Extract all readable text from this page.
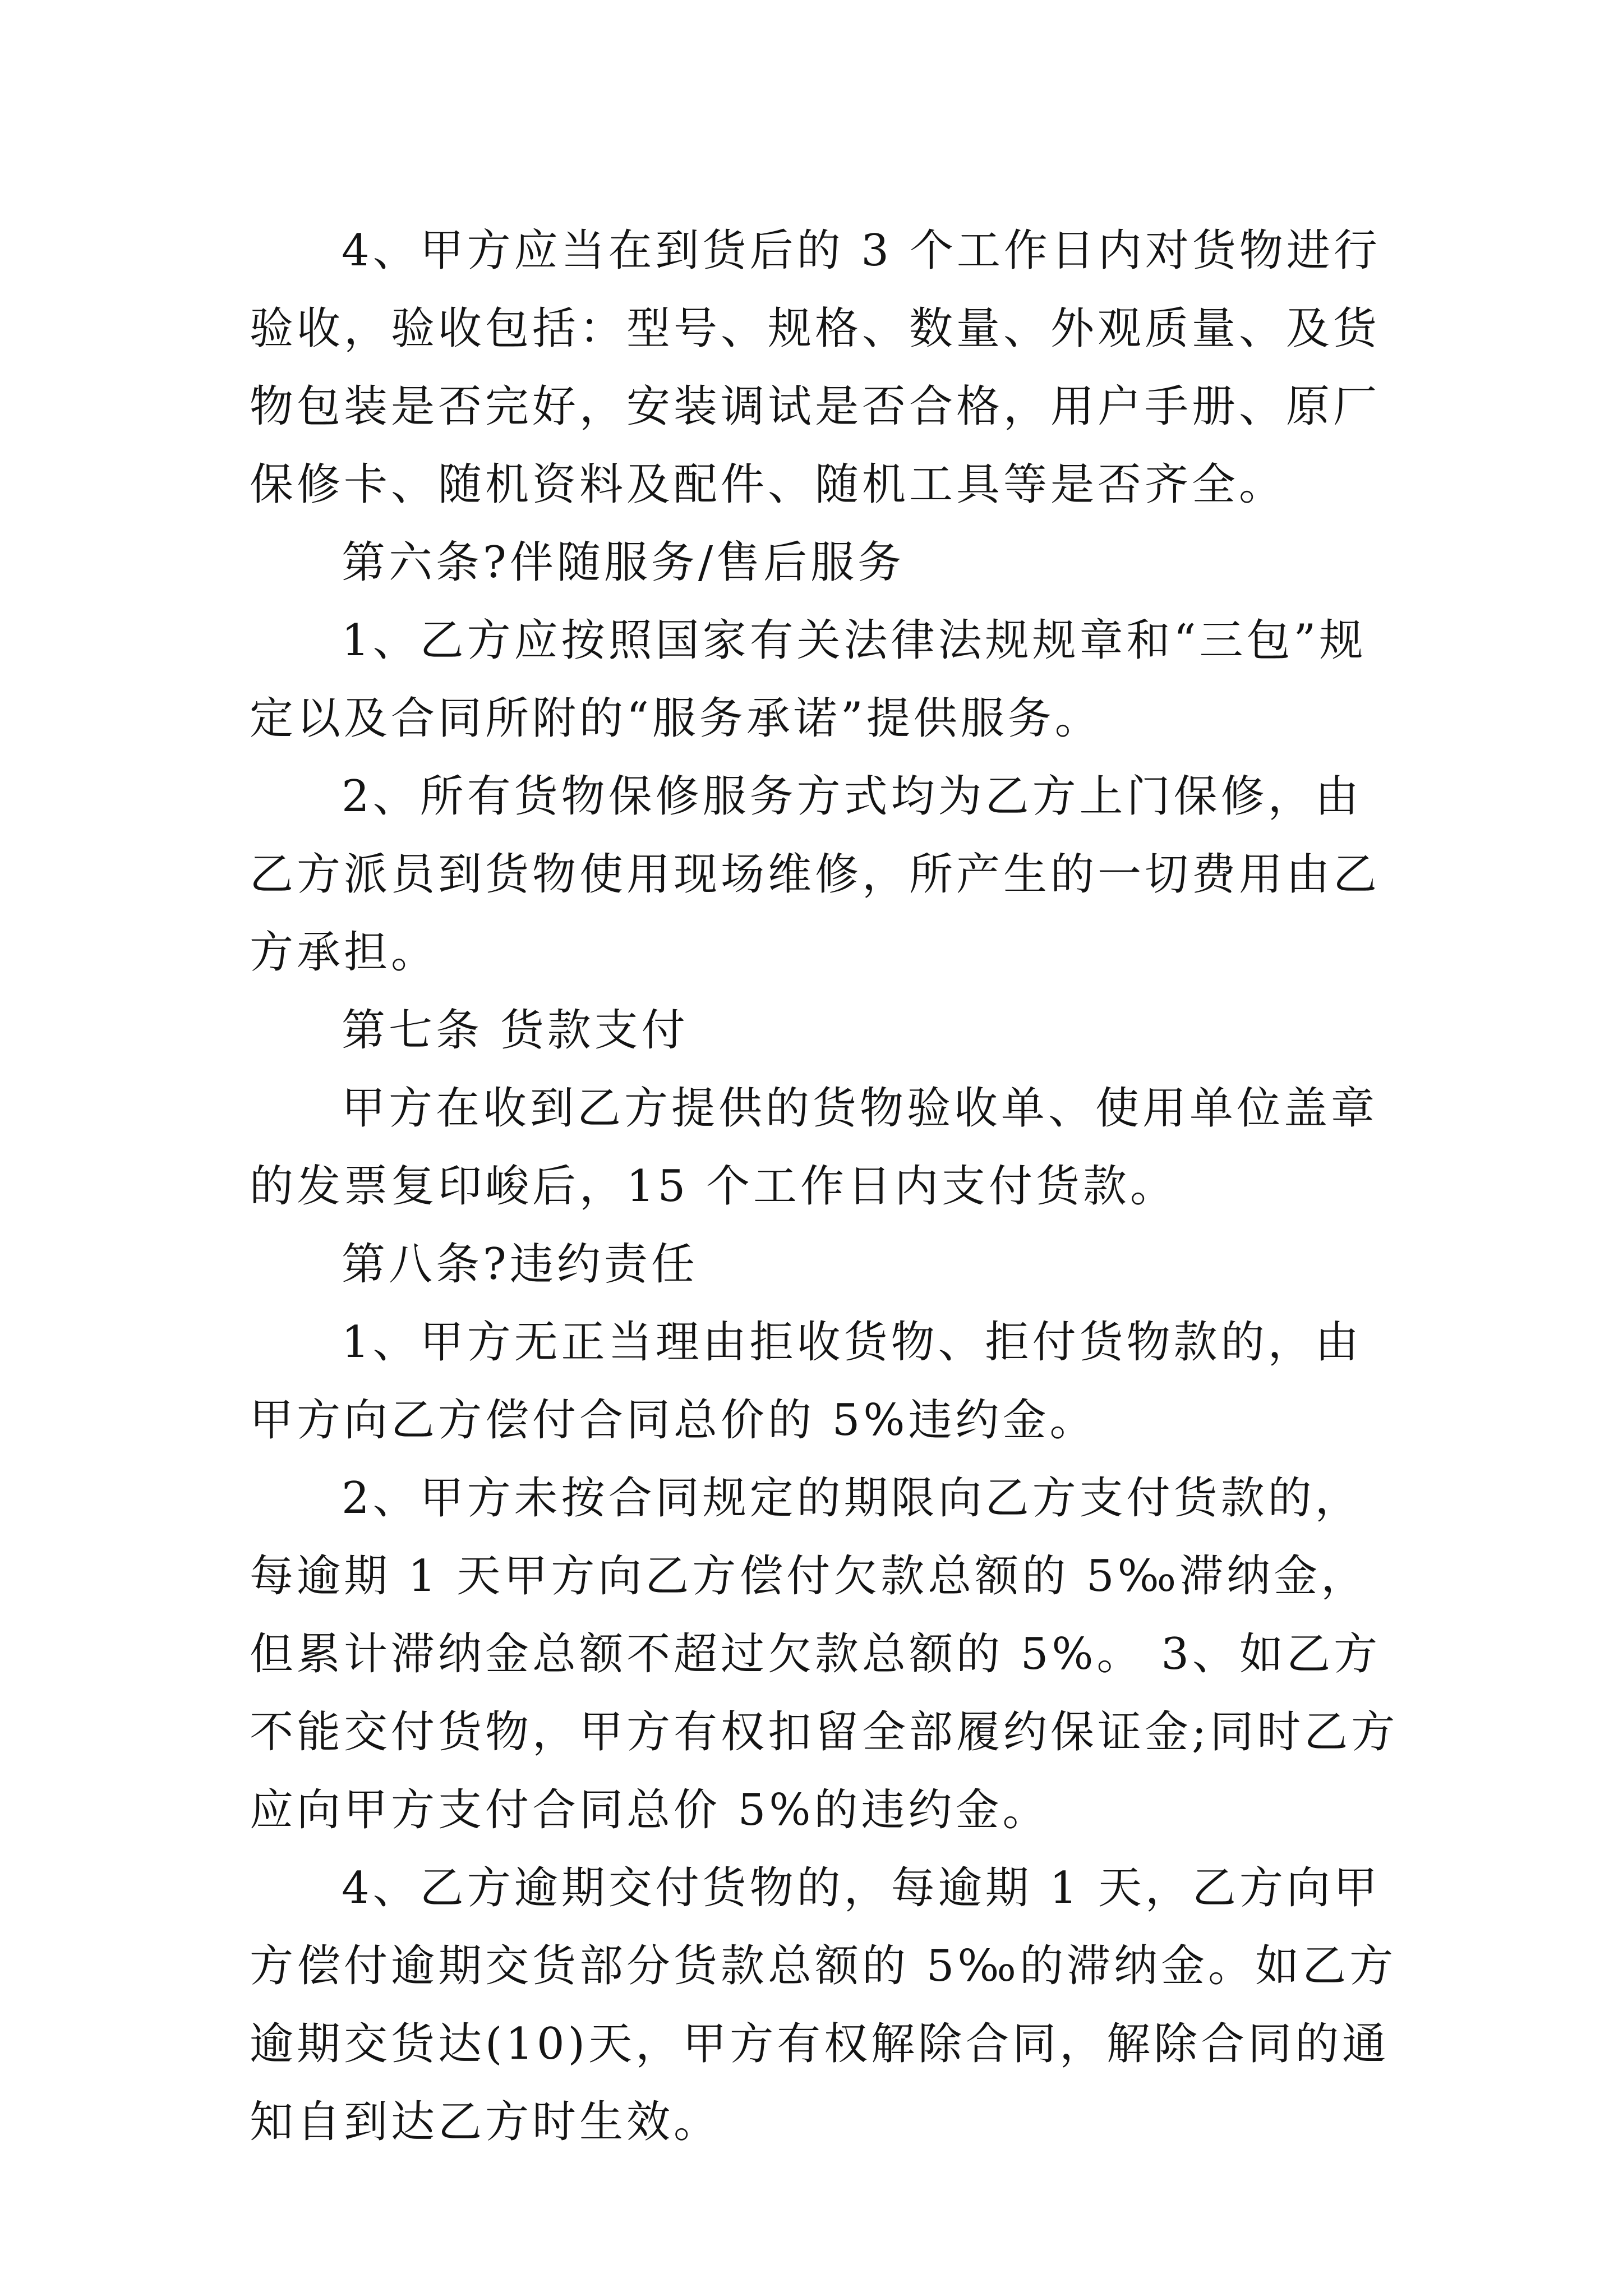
4、甲方应当在到货后的 3 个工作日内对货物进行验收，验收包括：型号、规格、数量、外观质量、及货物包装是否完好，安装调试是否合格，用户手册、原厂保修卡、随机资料及配件、随机工具等是否齐全。

第六条?伴随服务/售后服务

1、乙方应按照国家有关法律法规规章和“三包”规定以及合同所附的“服务承诺”提供服务。

2、所有货物保修服务方式均为乙方上门保修，由乙方派员到货物使用现场维修，所产生的一切费用由乙方承担。

第七条 货款支付

甲方在收到乙方提供的货物验收单、使用单位盖章的发票复印峻后，15 个工作日内支付货款。

第八条?违约责任

1、甲方无正当理由拒收货物、拒付货物款的，由甲方向乙方偿付合同总价的 5%违约金。

2、甲方未按合同规定的期限向乙方支付货款的，每逾期 1 天甲方向乙方偿付欠款总额的 5‰滞纳金，但累计滞纳金总额不超过欠款总额的 5%。 3、如乙方不能交付货物，甲方有权扣留全部履约保证金;同时乙方应向甲方支付合同总价 5%的违约金。

4、乙方逾期交付货物的，每逾期 1 天，乙方向甲方偿付逾期交货部分货款总额的 5‰的滞纳金。如乙方逾期交货达(10)天，甲方有权解除合同，解除合同的通知自到达乙方时生效。
